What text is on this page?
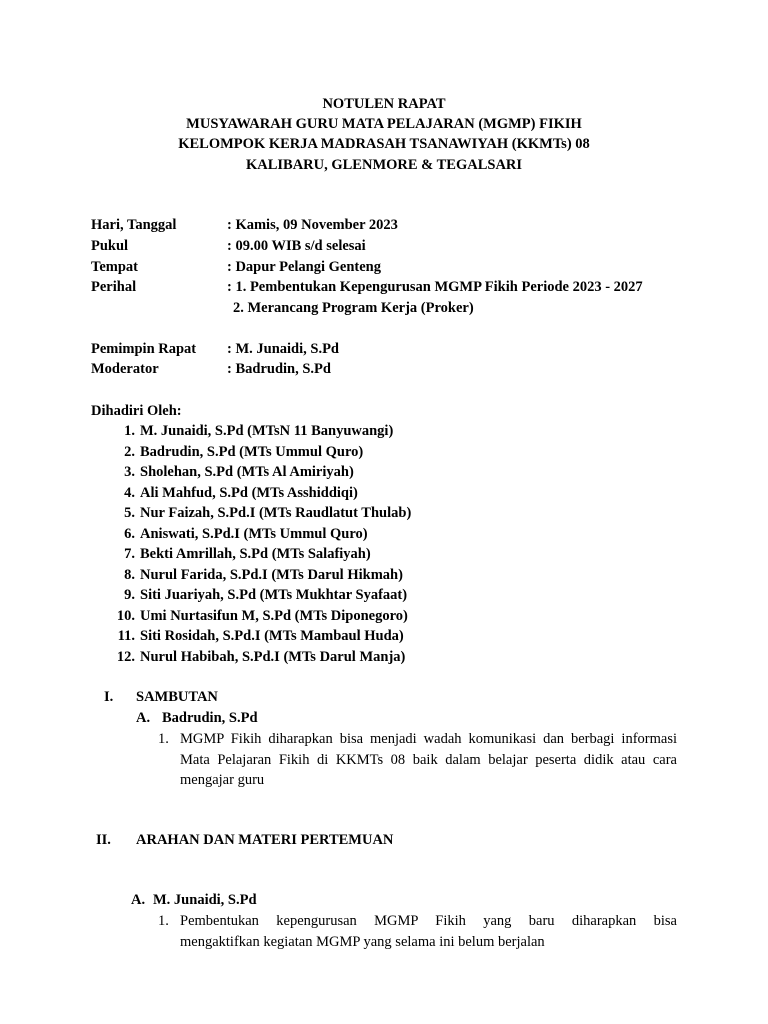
NOTULEN RAPAT
MUSYAWARAH GURU MATA PELAJARAN (MGMP) FIKIH
KELOMPOK KERJA MADRASAH TSANAWIYAH (KKMTs) 08
KALIBARU, GLENMORE & TEGALSARI
Hari, Tanggal	: Kamis, 09 November 2023
Pukul	: 09.00 WIB s/d selesai
Tempat	: Dapur Pelangi Genteng
Perihal	: 1. Pembentukan Kepengurusan MGMP Fikih Periode 2023 - 2027
2. Merancang Program Kerja (Proker)
Pemimpin Rapat : M. Junaidi, S.Pd
Moderator	: Badrudin, S.Pd
Dihadiri Oleh:
1. M. Junaidi, S.Pd (MTsN 11 Banyuwangi)
2. Badrudin, S.Pd (MTs Ummul Quro)
3. Sholehan, S.Pd (MTs Al Amiriyah)
4. Ali Mahfud, S.Pd (MTs Asshiddiqi)
5. Nur Faizah, S.Pd.I (MTs Raudlatut Thulab)
6. Aniswati, S.Pd.I (MTs Ummul Quro)
7. Bekti Amrillah, S.Pd (MTs Salafiyah)
8. Nurul Farida, S.Pd.I (MTs Darul Hikmah)
9. Siti Juariyah, S.Pd (MTs Mukhtar Syafaat)
10. Umi Nurtasifun M, S.Pd (MTs Diponegoro)
11. Siti Rosidah, S.Pd.I (MTs Mambaul Huda)
12. Nurul Habibah, S.Pd.I (MTs Darul Manja)
I. SAMBUTAN
A. Badrudin, S.Pd
1. MGMP Fikih diharapkan bisa menjadi wadah komunikasi dan berbagi informasi
Mata Pelajaran Fikih di KKMTs 08 baik dalam belajar peserta didik atau cara
mengajar guru
II. ARAHAN DAN MATERI PERTEMUAN
A. M. Junaidi, S.Pd
1. Pembentukan kepengurusan MGMP Fikih yang baru diharapkan bisa
mengaktifkan kegiatan MGMP yang selama ini belum berjalan
